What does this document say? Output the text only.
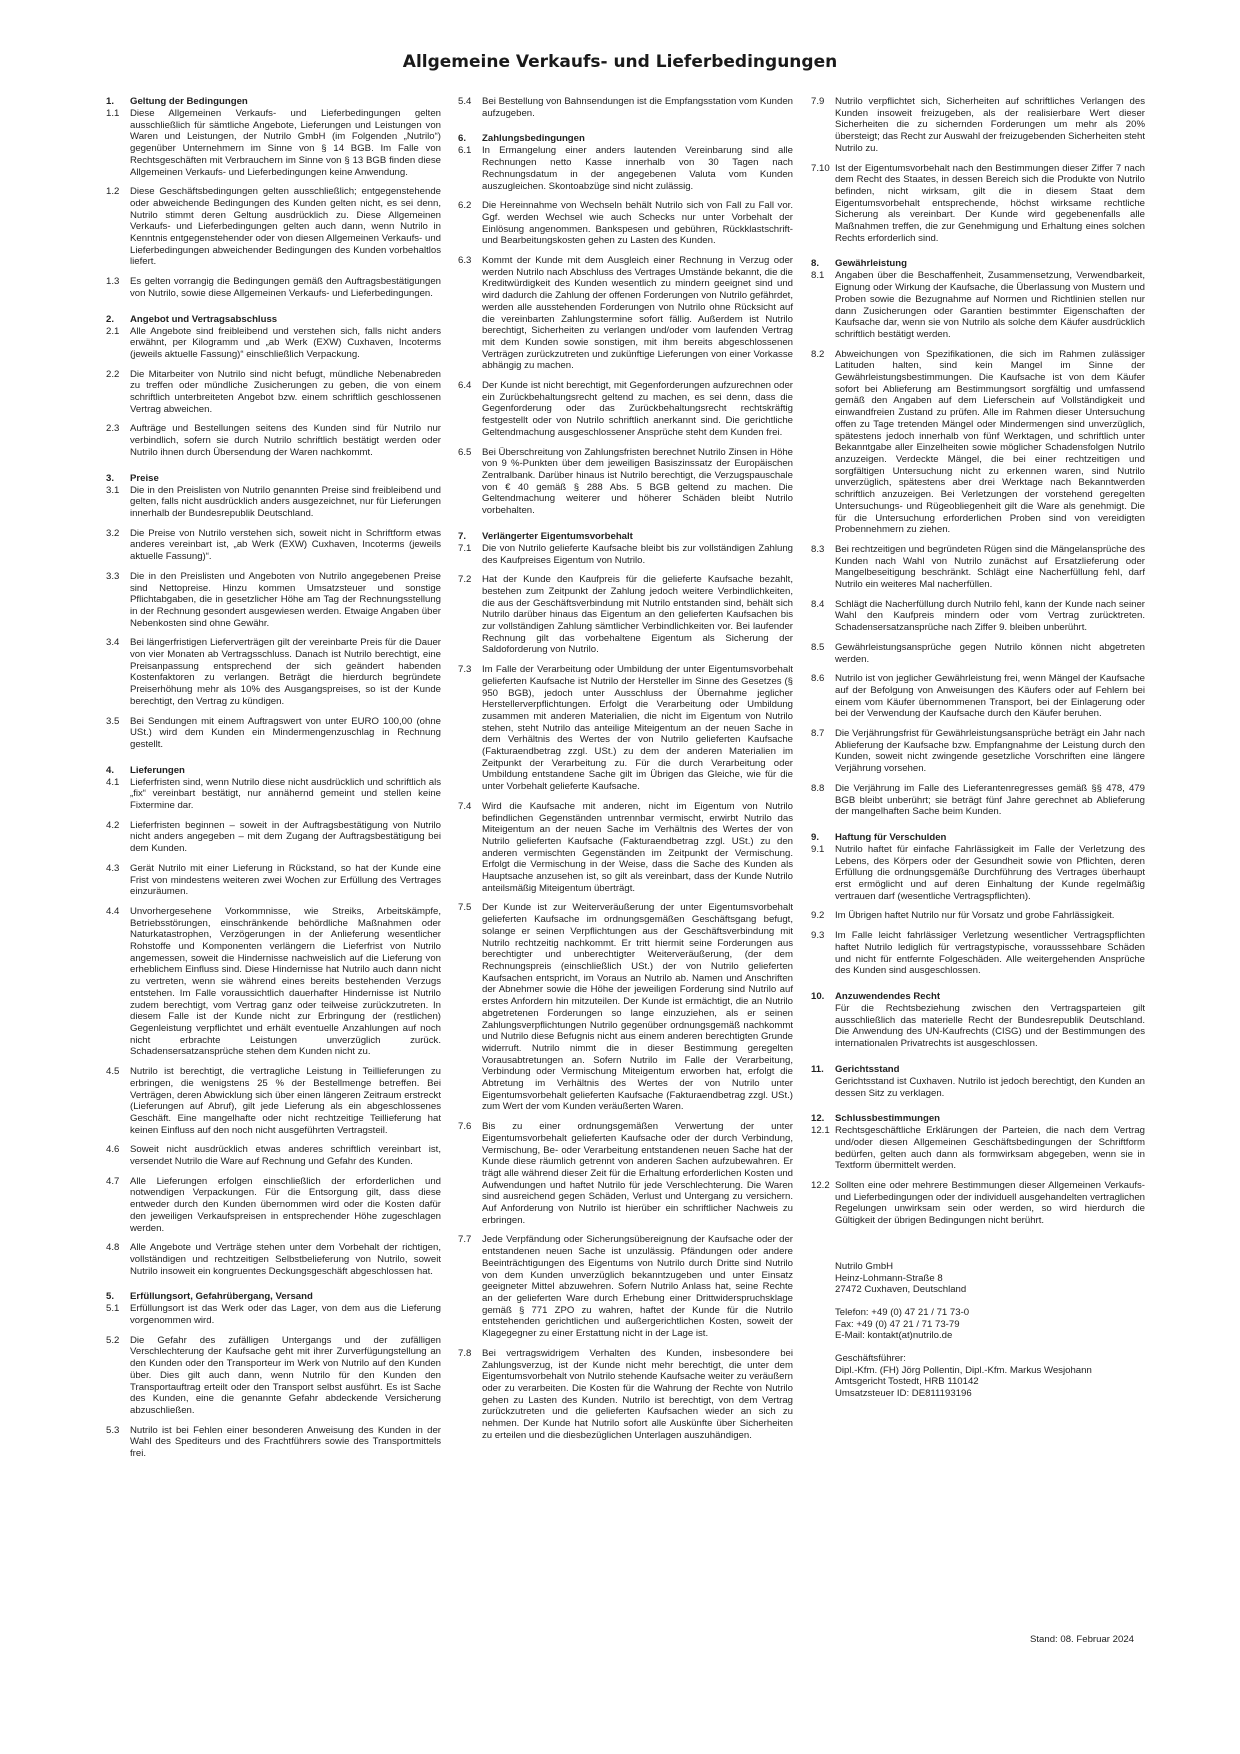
Allgemeine Verkaufs- und Lieferbedingungen
1.	Geltung der Bedingungen
1.1	Diese Allgemeinen Verkaufs- und Lieferbedingungen gelten ausschließlich für sämtliche Angebote, Lieferungen und Leistungen von Waren und Leistungen, der Nutrilo GmbH (im Folgenden „Nutrilo“) gegenüber Unternehmern im Sinne von § 14 BGB. Im Falle von Rechtsgeschäften mit Verbrauchern im Sinne von § 13 BGB finden diese Allgemeinen Verkaufs- und Lieferbedingungen keine Anwendung.
1.2	Diese Geschäftsbedingungen gelten ausschließlich; entgegenstehende oder abweichende Bedingungen des Kunden gelten nicht, es sei denn, Nutrilo stimmt deren Geltung ausdrücklich zu. Diese Allgemeinen Verkaufs- und Lieferbedingungen gelten auch dann, wenn Nutrilo in Kenntnis entgegenstehender oder von diesen Allgemeinen Verkaufs- und Lieferbedingungen abweichender Bedingungen des Kunden vorbehaltlos liefert.
1.3	Es gelten vorrangig die Bedingungen gemäß den Auftragsbestätigungen von Nutrilo, sowie diese Allgemeinen Verkaufs- und Lieferbedingungen.
2.	Angebot und Vertragsabschluss
2.1	Alle Angebote sind freibleibend und verstehen sich, falls nicht anders erwähnt, per Kilogramm und „ab Werk (EXW) Cuxhaven, Incoterms (jeweils aktuelle Fassung)“ einschließlich Verpackung.
2.2	Die Mitarbeiter von Nutrilo sind nicht befugt, mündliche Nebenabreden zu treffen oder mündliche Zusicherungen zu geben, die von einem schriftlich unterbreiteten Angebot bzw. einem schriftlich geschlossenen Vertrag abweichen.
2.3	Aufträge und Bestellungen seitens des Kunden sind für Nutrilo nur verbindlich, sofern sie durch Nutrilo schriftlich bestätigt werden oder Nutrilo ihnen durch Übersendung der Waren nachkommt.
3.	Preise
3.1	Die in den Preislisten von Nutrilo genannten Preise sind freibleibend und gelten, falls nicht ausdrücklich anders ausgezeichnet, nur für Lieferungen innerhalb der Bundesrepublik Deutschland.
3.2	Die Preise von Nutrilo verstehen sich, soweit nicht in Schriftform etwas anderes vereinbart ist, „ab Werk (EXW) Cuxhaven, Incoterms (jeweils aktuelle Fassung)“.
3.3	Die in den Preislisten und Angeboten von Nutrilo angegebenen Preise sind Nettopreise. Hinzu kommen Umsatzsteuer und sonstige Pflichtabgaben, die in gesetzlicher Höhe am Tag der Rechnungsstellung in der Rechnung gesondert ausgewiesen werden. Etwaige Angaben über Nebenkosten sind ohne Gewähr.
3.4	Bei längerfristigen Lieferverträgen gilt der vereinbarte Preis für die Dauer von vier Monaten ab Vertragsschluss. Danach ist Nutrilo berechtigt, eine Preisanpassung entsprechend der sich geändert habenden Kostenfaktoren zu verlangen. Beträgt die hierdurch begründete Preiserhöhung mehr als 10% des Ausgangspreises, so ist der Kunde berechtigt, den Vertrag zu kündigen.
3.5	Bei Sendungen mit einem Auftragswert von unter EURO 100,00 (ohne USt.) wird dem Kunden ein Mindermengenzuschlag in Rechnung gestellt.
4.	Lieferungen
4.1	Lieferfristen sind, wenn Nutrilo diese nicht ausdrücklich und schriftlich als „fix“ vereinbart bestätigt, nur annähernd gemeint und stellen keine Fixtermine dar.
4.2	Lieferfristen beginnen – soweit in der Auftragsbestätigung von Nutrilo nicht anders angegeben – mit dem Zugang der Auftragsbestätigung bei dem Kunden.
4.3	Gerät Nutrilo mit einer Lieferung in Rückstand, so hat der Kunde eine Frist von mindestens weiteren zwei Wochen zur Erfüllung des Vertrages einzuräumen.
4.4	Unvorhergesehene Vorkommnisse, wie Streiks, Arbeitskämpfe, Betriebsstörungen, einschränkende behördliche Maßnahmen oder Naturkatastrophen, Verzögerungen in der Anlieferung wesentlicher Rohstoffe und Komponenten verlängern die Lieferfrist von Nutrilo angemessen, soweit die Hindernisse nachweislich auf die Lieferung von erheblichem Einfluss sind. Diese Hindernisse hat Nutrilo auch dann nicht zu vertreten, wenn sie während eines bereits bestehenden Verzugs entstehen. Im Falle voraussichtlich dauerhafter Hindernisse ist Nutrilo zudem berechtigt, vom Vertrag ganz oder teilweise zurückzutreten. In diesem Falle ist der Kunde nicht zur Erbringung der (restlichen) Gegenleistung verpflichtet und erhält eventuelle Anzahlungen auf noch nicht erbrachte Leistungen unverzüglich zurück. Schadensersatzansprüche stehen dem Kunden nicht zu.
4.5	Nutrilo ist berechtigt, die vertragliche Leistung in Teillieferungen zu erbringen, die wenigstens 25 % der Bestellmenge betreffen. Bei Verträgen, deren Abwicklung sich über einen längeren Zeitraum erstreckt (Lieferungen auf Abruf), gilt jede Lieferung als ein abgeschlossenes Geschäft. Eine mangelhafte oder nicht rechtzeitige Teillieferung hat keinen Einfluss auf den noch nicht ausgeführten Vertragsteil.
4.6	Soweit nicht ausdrücklich etwas anderes schriftlich vereinbart ist, versendet Nutrilo die Ware auf Rechnung und Gefahr des Kunden.
4.7	Alle Lieferungen erfolgen einschließlich der erforderlichen und notwendigen Verpackungen. Für die Entsorgung gilt, dass diese entweder durch den Kunden übernommen wird oder die Kosten dafür den jeweiligen Verkaufspreisen in entsprechender Höhe zugeschlagen werden.
4.8	Alle Angebote und Verträge stehen unter dem Vorbehalt der richtigen, vollständigen und rechtzeitigen Selbstbelieferung von Nutrilo, soweit Nutrilo insoweit ein kongruentes Deckungsgeschäft abgeschlossen hat.
5.	Erfüllungsort, Gefahrübergang, Versand
5.1	Erfüllungsort ist das Werk oder das Lager, von dem aus die Lieferung vorgenommen wird.
5.2	Die Gefahr des zufälligen Untergangs und der zufälligen Verschlechterung der Kaufsache geht mit ihrer Zurverfügungstellung an den Kunden oder den Transporteur im Werk von Nutrilo auf den Kunden über. Dies gilt auch dann, wenn Nutrilo für den Kunden den Transportauftrag erteilt oder den Transport selbst ausführt. Es ist Sache des Kunden, eine die genannte Gefahr abdeckende Versicherung abzuschließen.
5.3	Nutrilo ist bei Fehlen einer besonderen Anweisung des Kunden in der Wahl des Spediteurs und des Frachtführers sowie des Transportmittels frei.
5.4	Bei Bestellung von Bahnsendungen ist die Empfangsstation vom Kunden aufzugeben.
6.	Zahlungsbedingungen
6.1	In Ermangelung einer anders lautenden Vereinbarung sind alle Rechnungen netto Kasse innerhalb von 30 Tagen nach Rechnungsdatum in der angegebenen Valuta vom Kunden auszugleichen. Skontoabzüge sind nicht zulässig.
6.2	Die Hereinnahme von Wechseln behält Nutrilo sich von Fall zu Fall vor. Ggf. werden Wechsel wie auch Schecks nur unter Vorbehalt der Einlösung angenommen. Bankspesen und gebühren, Rückklastschrift- und Bearbeitungskosten gehen zu Lasten des Kunden.
6.3	Kommt der Kunde mit dem Ausgleich einer Rechnung in Verzug oder werden Nutrilo nach Abschluss des Vertrages Umstände bekannt, die die Kreditwürdigkeit des Kunden wesentlich zu mindern geeignet sind und wird dadurch die Zahlung der offenen Forderungen von Nutrilo gefährdet, werden alle ausstehenden Forderungen von Nutrilo ohne Rücksicht auf die vereinbarten Zahlungstermine sofort fällig. Außerdem ist Nutrilo berechtigt, Sicherheiten zu verlangen und/oder vom laufenden Vertrag mit dem Kunden sowie sonstigen, mit ihm bereits abgeschlossenen Verträgen zurückzutreten und zukünftige Lieferungen von einer Vorkasse abhängig zu machen.
6.4	Der Kunde ist nicht berechtigt, mit Gegenforderungen aufzurechnen oder ein Zurückbehaltungsrecht geltend zu machen, es sei denn, dass die Gegenforderung oder das Zurückbehaltungsrecht rechtskräftig festgestellt oder von Nutrilo schriftlich anerkannt sind. Die gerichtliche Geltendmachung ausgeschlossener Ansprüche steht dem Kunden frei.
6.5	Bei Überschreitung von Zahlungsfristen berechnet Nutrilo Zinsen in Höhe von 9 %-Punkten über dem jeweiligen Basiszinssatz der Europäischen Zentralbank. Darüber hinaus ist Nutrilo berechtigt, die Verzugspauschale von € 40 gemäß § 288 Abs. 5 BGB geltend zu machen. Die Geltendmachung weiterer und höherer Schäden bleibt Nutrilo vorbehalten.
7.	Verlängerter Eigentumsvorbehalt
7.1	Die von Nutrilo gelieferte Kaufsache bleibt bis zur vollständigen Zahlung des Kaufpreises Eigentum von Nutrilo.
7.2	Hat der Kunde den Kaufpreis für die gelieferte Kaufsache bezahlt, bestehen zum Zeitpunkt der Zahlung jedoch weitere Verbindlichkeiten, die aus der Geschäftsverbindung mit Nutrilo entstanden sind, behält sich Nutrilo darüber hinaus das Eigentum an den gelieferten Kaufsachen bis zur vollständigen Zahlung sämtlicher Verbindlichkeiten vor. Bei laufender Rechnung gilt das vorbehaltene Eigentum als Sicherung der Saldoforderung von Nutrilo.
7.3	Im Falle der Verarbeitung oder Umbildung der unter Eigentumsvorbehalt gelieferten Kaufsache ist Nutrilo der Hersteller im Sinne des Gesetzes (§ 950 BGB), jedoch unter Ausschluss der Übernahme jeglicher Herstellerverpflichtungen. Erfolgt die Verarbeitung oder Umbildung zusammen mit anderen Materialien, die nicht im Eigentum von Nutrilo stehen, steht Nutrilo das anteilige Miteigentum an der neuen Sache in dem Verhältnis des Wertes der von Nutrilo gelieferten Kaufsache (Fakturaendbetrag zzgl. USt.) zu dem der anderen Materialien im Zeitpunkt der Verarbeitung zu. Für die durch Verarbeitung oder Umbildung entstandene Sache gilt im Übrigen das Gleiche, wie für die unter Vorbehalt gelieferte Kaufsache.
7.4	Wird die Kaufsache mit anderen, nicht im Eigentum von Nutrilo befindlichen Gegenständen untrennbar vermischt, erwirbt Nutrilo das Miteigentum an der neuen Sache im Verhältnis des Wertes der von Nutrilo gelieferten Kaufsache (Fakturaendbetrag zzgl. USt.) zu den anderen vermischten Gegenständen im Zeitpunkt der Vermischung. Erfolgt die Vermischung in der Weise, dass die Sache des Kunden als Hauptsache anzusehen ist, so gilt als vereinbart, dass der Kunde Nutrilo anteilsmäßig Miteigentum überträgt.
7.5	Der Kunde ist zur Weiterveräußerung der unter Eigentumsvorbehalt gelieferten Kaufsache im ordnungsgemäßen Geschäftsgang befugt, solange er seinen Verpflichtungen aus der Geschäftsverbindung mit Nutrilo rechtzeitig nachkommt. Er tritt hiermit seine Forderungen aus berechtigter und unberechtigter Weiterveräußerung, (der dem Rechnungspreis (einschließlich USt.) der von Nutrilo gelieferten Kaufsachen entspricht, im Voraus an Nutrilo ab. Namen und Anschriften der Abnehmer sowie die Höhe der jeweiligen Forderung sind Nutrilo auf erstes Anfordern hin mitzuteilen. Der Kunde ist ermächtigt, die an Nutrilo abgetretenen Forderungen so lange einzuziehen, als er seinen Zahlungsverpflichtungen Nutrilo gegenüber ordnungsgemäß nachkommt und Nutrilo diese Befugnis nicht aus einem anderen berechtigten Grunde widerruft. Nutrilo nimmt die in dieser Bestimmung geregelten Vorausabtretungen an. Sofern Nutrilo im Falle der Verarbeitung, Verbindung oder Vermischung Miteigentum erworben hat, erfolgt die Abtretung im Verhältnis des Wertes der von Nutrilo unter Eigentumsvorbehalt gelieferten Kaufsache (Fakturaendbetrag zzgl. USt.) zum Wert der vom Kunden veräußerten Waren.
7.6	Bis zu einer ordnungsgemäßen Verwertung der unter Eigentumsvorbehalt gelieferten Kaufsache oder der durch Verbindung, Vermischung, Be- oder Verarbeitung entstandenen neuen Sache hat der Kunde diese räumlich getrennt von anderen Sachen aufzubewahren. Er trägt alle während dieser Zeit für die Erhaltung erforderlichen Kosten und Aufwendungen und haftet Nutrilo für jede Verschlechterung. Die Waren sind ausreichend gegen Schäden, Verlust und Untergang zu versichern. Auf Anforderung von Nutrilo ist hierüber ein schriftlicher Nachweis zu erbringen.
7.7	Jede Verpfändung oder Sicherungsübereignung der Kaufsache oder der entstandenen neuen Sache ist unzulässig. Pfändungen oder andere Beeinträchtigungen des Eigentums von Nutrilo durch Dritte sind Nutrilo von dem Kunden unverzüglich bekanntzugeben und unter Einsatz geeigneter Mittel abzuwehren. Sofern Nutrilo Anlass hat, seine Rechte an der gelieferten Ware durch Erhebung einer Drittwiderspruchsklage gemäß § 771 ZPO zu wahren, haftet der Kunde für die Nutrilo entstehenden gerichtlichen und außergerichtlichen Kosten, soweit der Klagegegner zu einer Erstattung nicht in der Lage ist.
7.8	Bei vertragswidrigem Verhalten des Kunden, insbesondere bei Zahlungsverzug, ist der Kunde nicht mehr berechtigt, die unter dem Eigentumsvorbehalt von Nutrilo stehende Kaufsache weiter zu veräußern oder zu verarbeiten. Die Kosten für die Wahrung der Rechte von Nutrilo gehen zu Lasten des Kunden. Nutrilo ist berechtigt, von dem Vertrag zurückzutreten und die gelieferten Kaufsachen wieder an sich zu nehmen. Der Kunde hat Nutrilo sofort alle Auskünfte über Sicherheiten zu erteilen und die diesbezüglichen Unterlagen auszuhändigen.
7.9	Nutrilo verpflichtet sich, Sicherheiten auf schriftliches Verlangen des Kunden insoweit freizugeben, als der realisierbare Wert dieser Sicherheiten die zu sichernden Forderungen um mehr als 20% übersteigt; das Recht zur Auswahl der freizugebenden Sicherheiten steht Nutrilo zu.
7.10 Ist der Eigentumsvorbehalt nach den Bestimmungen dieser Ziffer 7 nach dem Recht des Staates, in dessen Bereich sich die Produkte von Nutrilo befinden, nicht wirksam, gilt die in diesem Staat dem Eigentumsvorbehalt entsprechende, höchst wirksame rechtliche Sicherung als vereinbart. Der Kunde wird gegebenenfalls alle Maßnahmen treffen, die zur Genehmigung und Erhaltung eines solchen Rechts erforderlich sind.
8.	Gewährleistung
8.1	Angaben über die Beschaffenheit, Zusammensetzung, Verwendbarkeit, Eignung oder Wirkung der Kaufsache, die Überlassung von Mustern und Proben sowie die Bezugnahme auf Normen und Richtlinien stellen nur dann Zusicherungen oder Garantien bestimmter Eigenschaften der Kaufsache dar, wenn sie von Nutrilo als solche dem Käufer ausdrücklich schriftlich bestätigt werden.
8.2	Abweichungen von Spezifikationen, die sich im Rahmen zulässiger Latituden halten, sind kein Mangel im Sinne der Gewährleistungsbestimmungen. Die Kaufsache ist von dem Käufer sofort bei Ablieferung am Bestimmungsort sorgfältig und umfassend gemäß den Angaben auf dem Lieferschein auf Vollständigkeit und einwandfreien Zustand zu prüfen. Alle im Rahmen dieser Untersuchung offen zu Tage tretenden Mängel oder Mindermengen sind unverzüglich, spätestens jedoch innerhalb von fünf Werktagen, und schriftlich unter Bekanntgabe aller Einzelheiten sowie möglicher Schadensfolgen Nutrilo anzuzeigen. Verdeckte Mängel, die bei einer rechtzeitigen und sorgfältigen Untersuchung nicht zu erkennen waren, sind Nutrilo unverzüglich, spätestens aber drei Werktage nach Bekanntwerden schriftlich anzuzeigen. Bei Verletzungen der vorstehend geregelten Untersuchungs- und Rügeobliegenheit gilt die Ware als genehmigt. Die für die Untersuchung erforderlichen Proben sind von vereidigten Probennehmern zu ziehen.
8.3	Bei rechtzeitigen und begründeten Rügen sind die Mängelansprüche des Kunden nach Wahl von Nutrilo zunächst auf Ersatzlieferung oder Mangelbeseitigung beschränkt. Schlägt eine Nacherfüllung fehl, darf Nutrilo ein weiteres Mal nacherfüllen.
8.4	Schlägt die Nacherfüllung durch Nutrilo fehl, kann der Kunde nach seiner Wahl den Kaufpreis mindern oder vom Vertrag zurücktreten. Schadensersatzansprüche nach Ziffer 9. bleiben unberührt.
8.5	Gewährleistungsansprüche gegen Nutrilo können nicht abgetreten werden.
8.6	Nutrilo ist von jeglicher Gewährleistung frei, wenn Mängel der Kaufsache auf der Befolgung von Anweisungen des Käufers oder auf Fehlern bei einem vom Käufer übernommenen Transport, bei der Einlagerung oder bei der Verwendung der Kaufsache durch den Käufer beruhen.
8.7	Die Verjährungsfrist für Gewährleistungsansprüche beträgt ein Jahr nach Ablieferung der Kaufsache bzw. Empfangnahme der Leistung durch den Kunden, soweit nicht zwingende gesetzliche Vorschriften eine längere Verjährung vorsehen.
8.8	Die Verjährung im Falle des Lieferantenregresses gemäß §§ 478, 479 BGB bleibt unberührt; sie beträgt fünf Jahre gerechnet ab Ablieferung der mangelhaften Sache beim Kunden.
9.	Haftung für Verschulden
9.1	Nutrilo haftet für einfache Fahrlässigkeit im Falle der Verletzung des Lebens, des Körpers oder der Gesundheit sowie von Pflichten, deren Erfüllung die ordnungsgemäße Durchführung des Vertrages überhaupt erst ermöglicht und auf deren Einhaltung der Kunde regelmäßig vertrauen darf (wesentliche Vertragspflichten).
9.2	Im Übrigen haftet Nutrilo nur für Vorsatz und grobe Fahrlässigkeit.
9.3	Im Falle leicht fahrlässiger Verletzung wesentlicher Vertragspflichten haftet Nutrilo lediglich für vertragstypische, vorausssehbare Schäden und nicht für entfernte Folgeschäden. Alle weitergehenden Ansprüche des Kunden sind ausgeschlossen.
10.	Anzuwendendes Recht
Für die Rechtsbeziehung zwischen den Vertragsparteien gilt ausschließlich das materielle Recht der Bundesrepublik Deutschland. Die Anwendung des UN-Kaufrechts (CISG) und der Bestimmungen des internationalen Privatrechts ist ausgeschlossen.
11.	Gerichtsstand
Gerichtsstand ist Cuxhaven. Nutrilo ist jedoch berechtigt, den Kunden an dessen Sitz zu verklagen.
12.	Schlussbestimmungen
12.1 Rechtsgeschäftliche Erklärungen der Parteien, die nach dem Vertrag und/oder diesen Allgemeinen Geschäftsbedingungen der Schriftform bedürfen, gelten auch dann als formwirksam abgegeben, wenn sie in Textform übermittelt werden.
12.2 Sollten eine oder mehrere Bestimmungen dieser Allgemeinen Verkaufs- und Lieferbedingungen oder der individuell ausgehandelten vertraglichen Regelungen unwirksam sein oder werden, so wird hierdurch die Gültigkeit der übrigen Bedingungen nicht berührt.
Nutrilo GmbH
Heinz-Lohmann-Straße 8
27472 Cuxhaven, Deutschland
Telefon: +49 (0) 47 21 / 71 73-0
Fax: +49 (0) 47 21 / 71 73-79
E-Mail: kontakt(at)nutrilo.de
Geschäftsführer:
Dipl.-Kfm. (FH) Jörg Pollentin, Dipl.-Kfm. Markus Wesjohann
Amtsgericht Tostedt, HRB 110142
Umsatzsteuer ID: DE811193196
Stand: 08. Februar 2024
